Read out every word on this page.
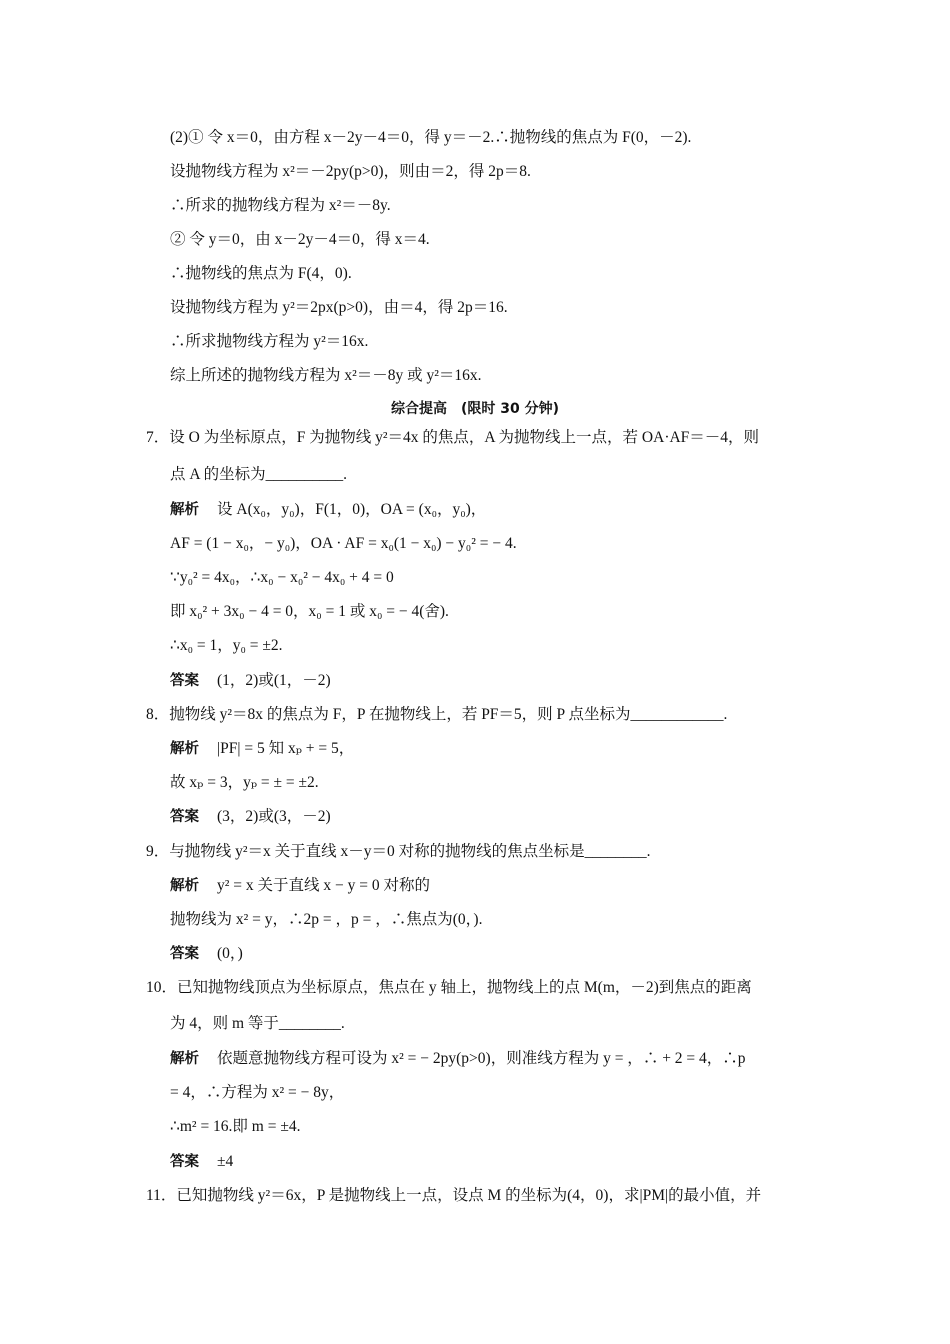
(2)① 令 x＝0，由方程 x－2y－4＝0，得 y＝－2.∴抛物线的焦点为 F(0，－2).
设抛物线方程为 x²＝－2py(p>0)，则由＝2，得 2p＝8.
∴所求的抛物线方程为 x²＝－8y.
② 令 y＝0，由 x－2y－4＝0，得 x＝4.
∴抛物线的焦点为 F(4，0).
设抛物线方程为 y²＝2px(p>0)，由＝4，得 2p＝16.
∴所求抛物线方程为 y²＝16x.
综上所述的抛物线方程为 x²＝－8y 或 y²＝16x.
综合提高　(限时 30 分钟)
7．设 O 为坐标原点，F 为抛物线 y²＝4x 的焦点，A 为抛物线上一点，若 OA·AF＝－4，则
点 A 的坐标为__________.
解析 设 A(x₀，y₀)，F(1，0)，OA = (x₀，y₀)，
AF = (1 − x₀，− y₀)，OA · AF = x₀(1 − x₀) − y₀² = − 4.
∵y₀² = 4x₀，∴x₀ − x₀² − 4x₀ + 4 = 0
即 x₀² + 3x₀ − 4 = 0，x₀ = 1 或 x₀ = − 4(舍).
∴x₀ = 1，y₀ = ±2.
答案 (1，2)或(1，－2)
8．抛物线 y²＝8x 的焦点为 F，P 在抛物线上，若 PF＝5，则 P 点坐标为____________.
解析 |PF| = 5 知 xₚ + = 5，
故 xₚ = 3，yₚ = ± = ±2.
答案 (3，2)或(3，－2)
9．与抛物线 y²＝x 关于直线 x－y＝0 对称的抛物线的焦点坐标是________.
解析 y² = x 关于直线 x − y = 0 对称的
抛物线为 x² = y，∴2p = ，p = ，∴焦点为(0，).
答案 (0，)
10．已知抛物线顶点为坐标原点，焦点在 y 轴上，抛物线上的点 M(m，－2)到焦点的距离
为 4，则 m 等于________.
解析 依题意抛物线方程可设为 x² = − 2py(p>0)，则准线方程为 y = ，∴ + 2 = 4，∴p
= 4，∴方程为 x² = − 8y，
∴m² = 16.即 m = ±4.
答案 ±4
11．已知抛物线 y²＝6x，P 是抛物线上一点，设点 M 的坐标为(4，0)，求|PM|的最小值，并
